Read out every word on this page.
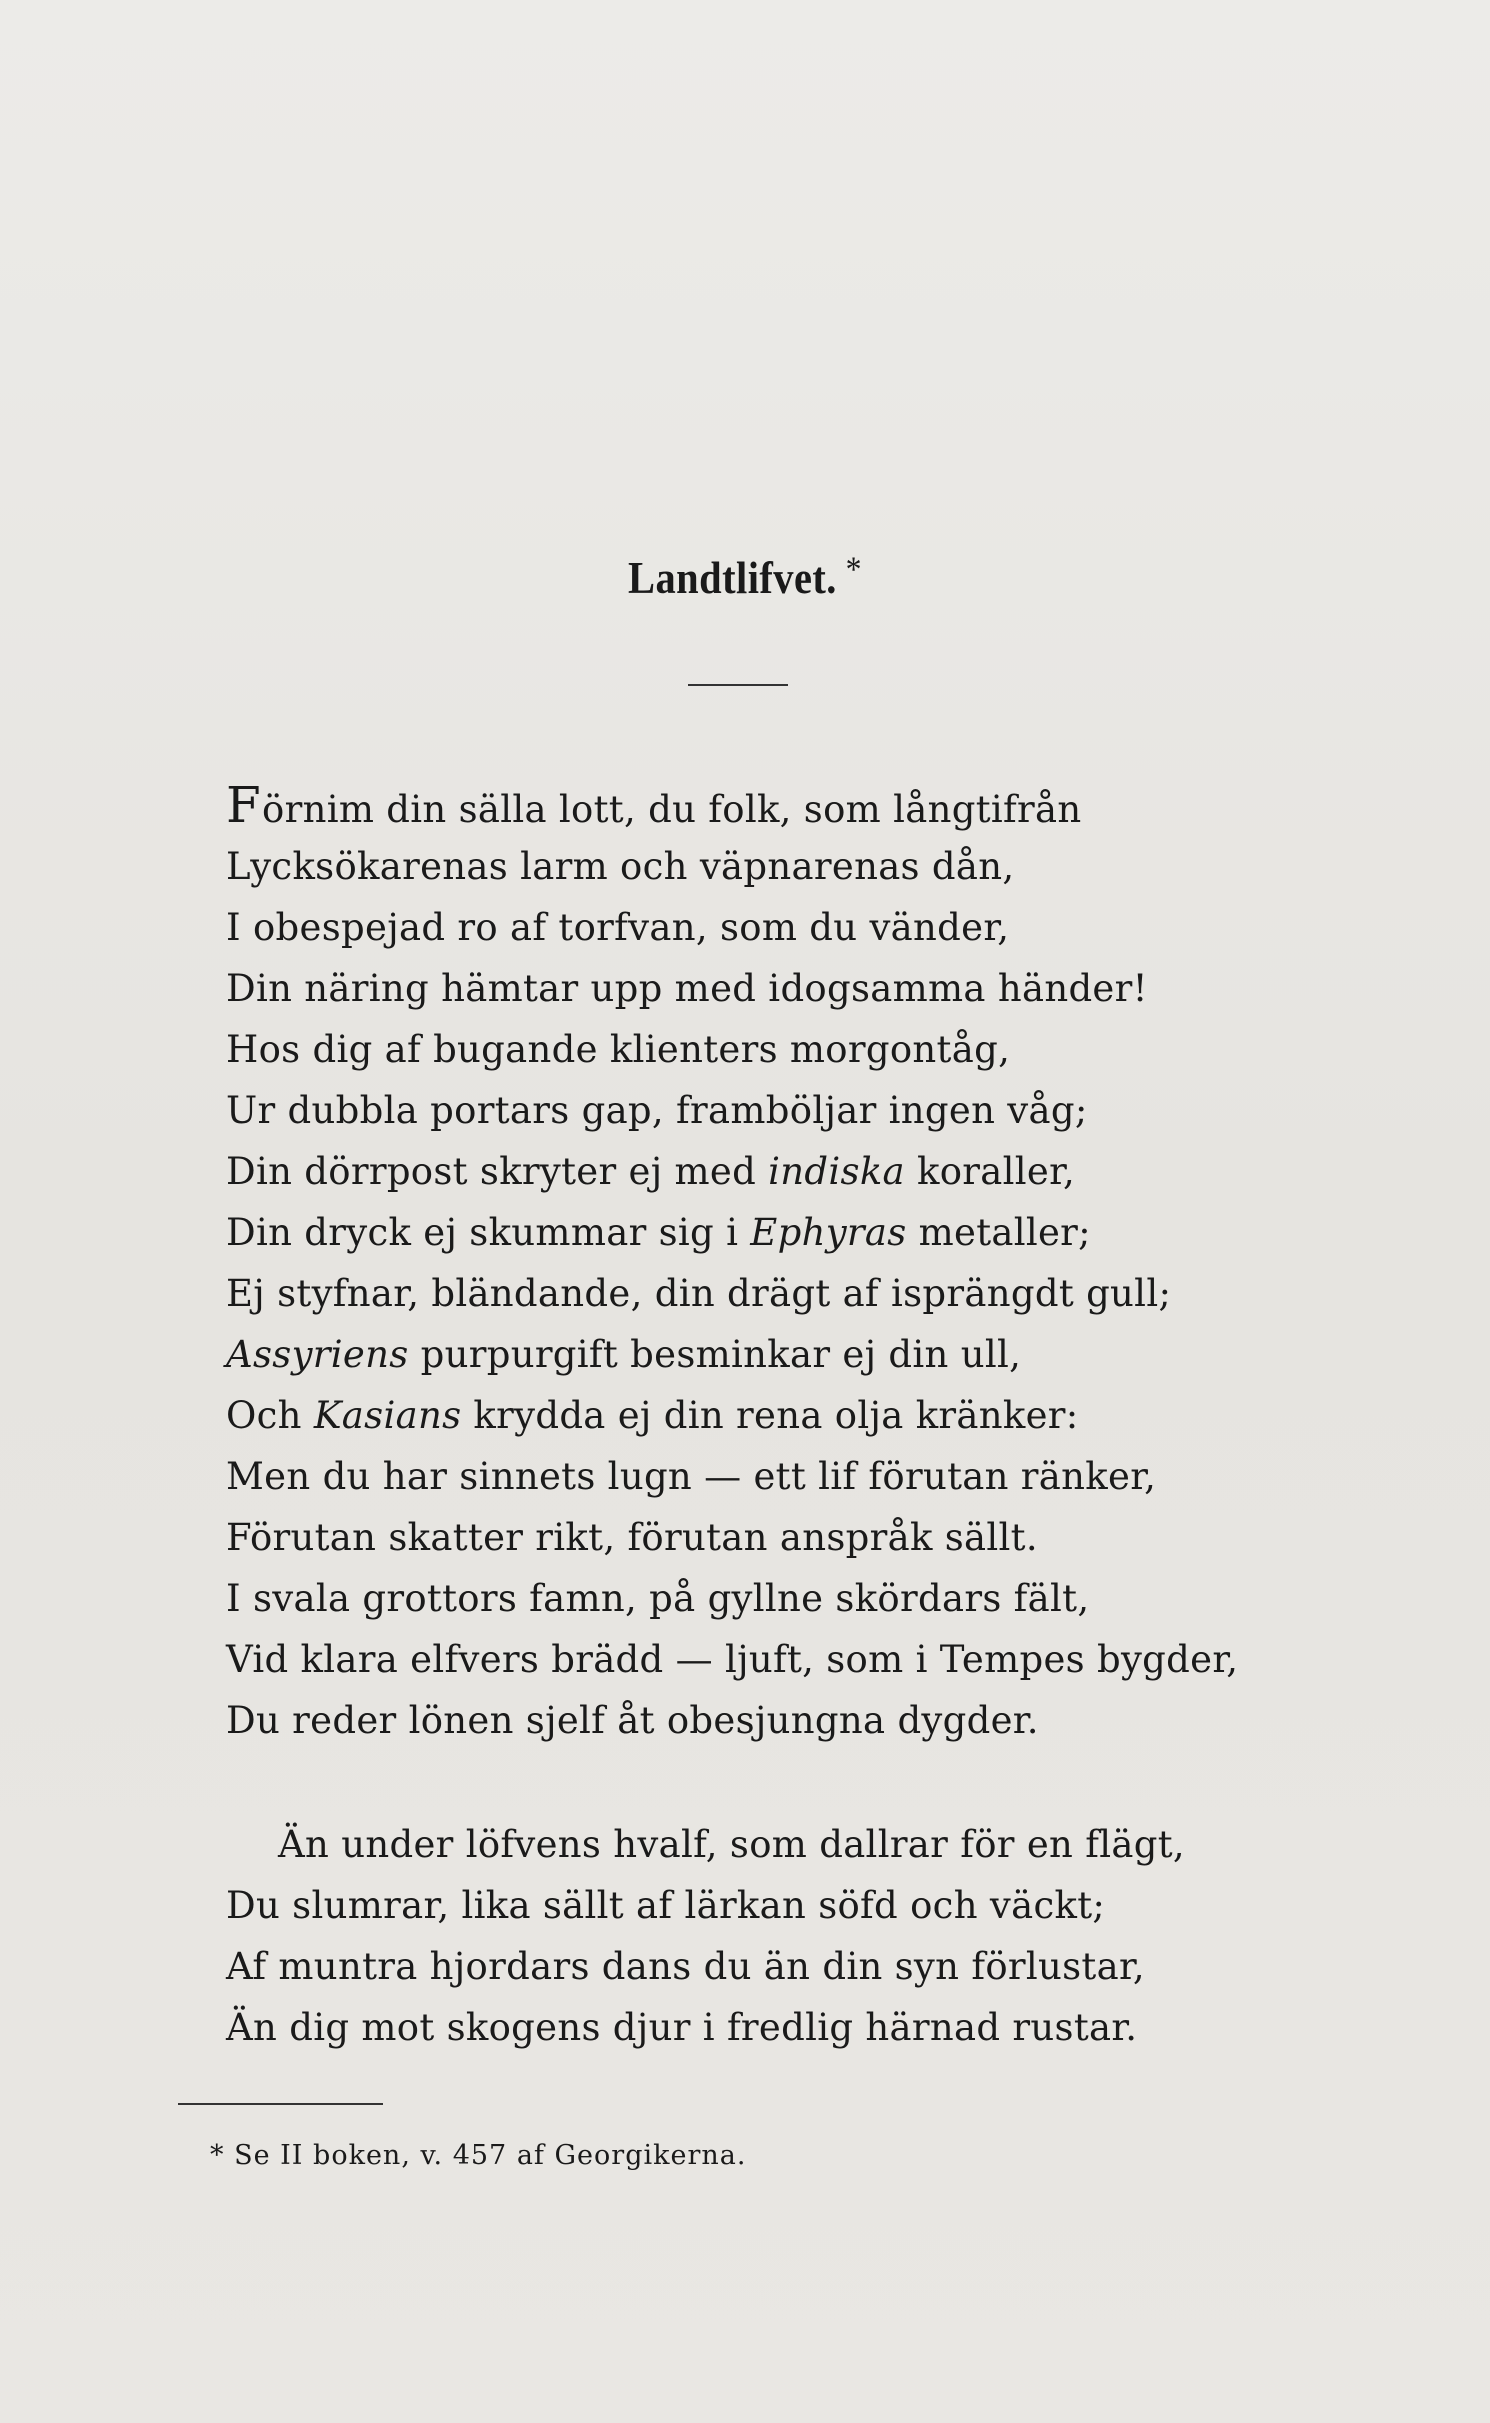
Landtlifvet. *
Förnim din sälla lott, du folk, som långtifrån
Lycksökarenas larm och väpnarenas dån,
I obespejad ro af torfvan, som du vänder,
Din näring hämtar upp med idogsamma händer!
Hos dig af bugande klienters morgontåg,
Ur dubbla portars gap, framböljar ingen våg;
Din dörrpost skryter ej med indiska koraller,
Din dryck ej skummar sig i Ephyras metaller;
Ej styfnar, bländande, din drägt af isprängdt gull;
Assyriens purpurgift besminkar ej din ull,
Och Kasians krydda ej din rena olja kränker:
Men du har sinnets lugn — ett lif förutan ränker,
Förutan skatter rikt, förutan anspråk sällt.
I svala grottors famn, på gyllne skördars fält,
Vid klara elfvers brädd — ljuft, som i Tempes bygder,
Du reder lönen sjelf åt obesjungna dygder.
Än under löfvens hvalf, som dallrar för en flägt,
Du slumrar, lika sällt af lärkan söfd och väckt;
Af muntra hjordars dans du än din syn förlustar,
Än dig mot skogens djur i fredlig härnad rustar.
* Se II boken, v. 457 af Georgikerna.
